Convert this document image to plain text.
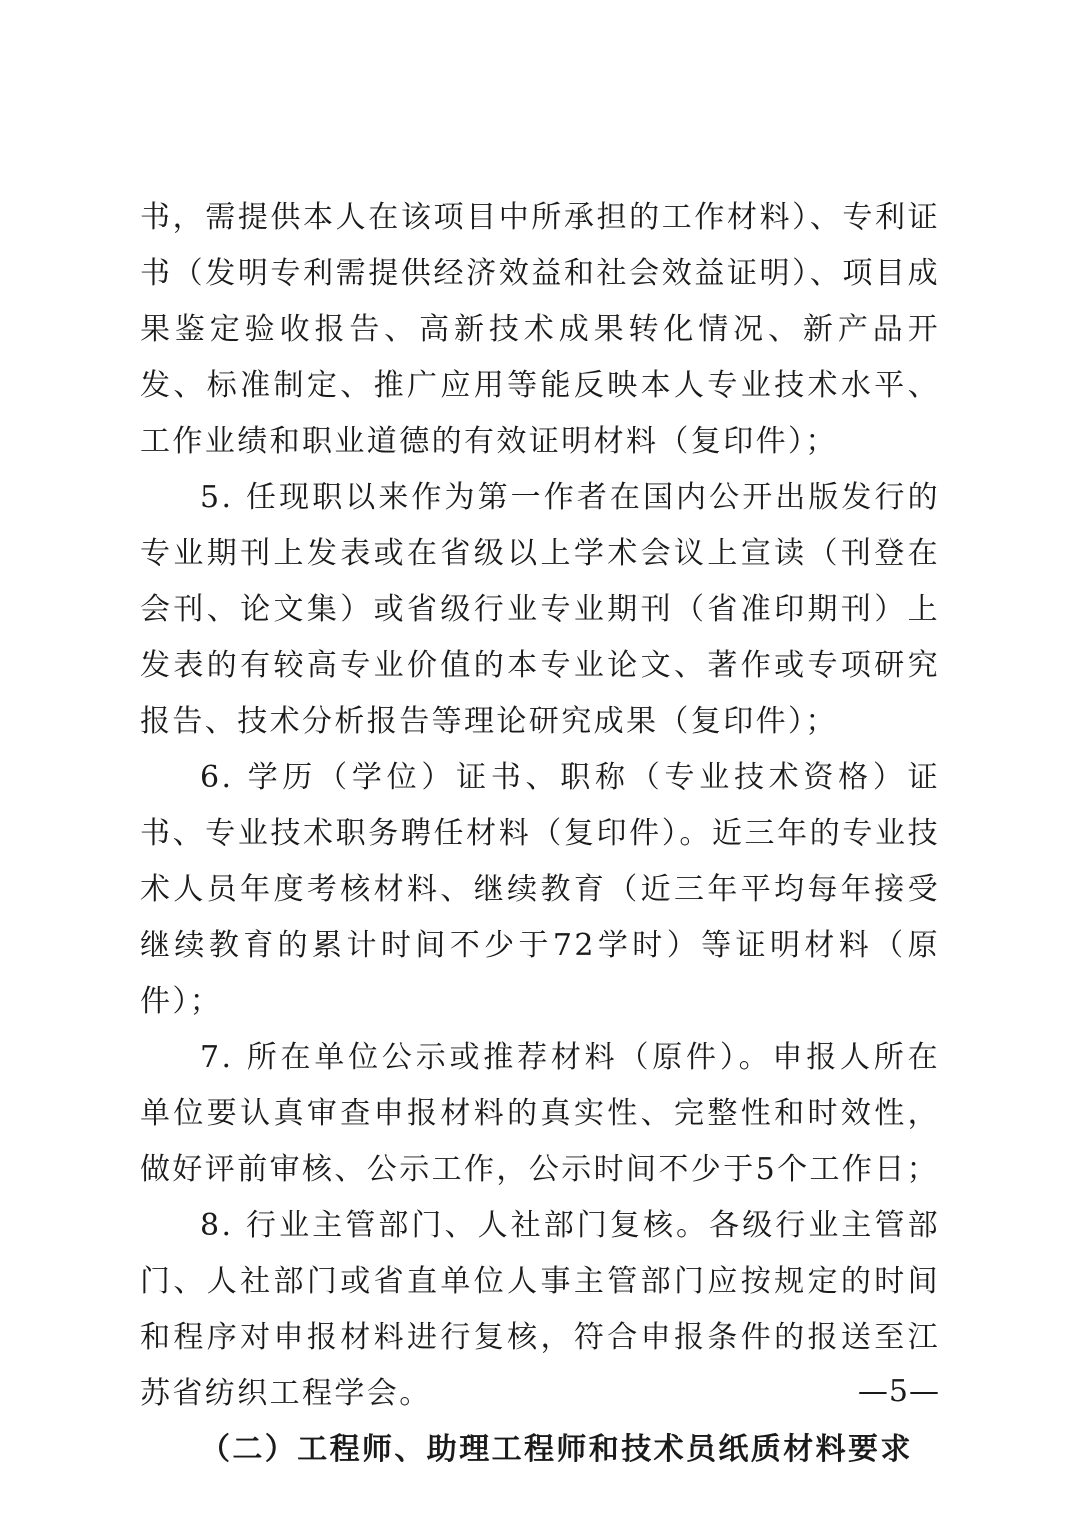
书，需提供本人在该项目中所承担的工作材料）、专利证书（发明专利需提供经济效益和社会效益证明）、项目成果鉴定验收报告、高新技术成果转化情况、新产品开发、标准制定、推广应用等能反映本人专业技术水平、工作业绩和职业道德的有效证明材料（复印件）；

5. 任现职以来作为第一作者在国内公开出版发行的专业期刊上发表或在省级以上学术会议上宣读（刊登在会刊、论文集）或省级行业专业期刊（省准印期刊）上发表的有较高专业价值的本专业论文、著作或专项研究报告、技术分析报告等理论研究成果（复印件）；

6. 学历（学位）证书、职称（专业技术资格）证书、专业技术职务聘任材料（复印件）。近三年的专业技术人员年度考核材料、继续教育（近三年平均每年接受继续教育的累计时间不少于72学时）等证明材料（原件）；

7. 所在单位公示或推荐材料（原件）。申报人所在单位要认真审查申报材料的真实性、完整性和时效性，做好评前审核、公示工作，公示时间不少于5个工作日；

8. 行业主管部门、人社部门复核。各级行业主管部门、人社部门或省直单位人事主管部门应按规定的时间和程序对申报材料进行复核，符合申报条件的报送至江苏省纺织工程学会。

（二）工程师、助理工程师和技术员纸质材料要求

—5—
